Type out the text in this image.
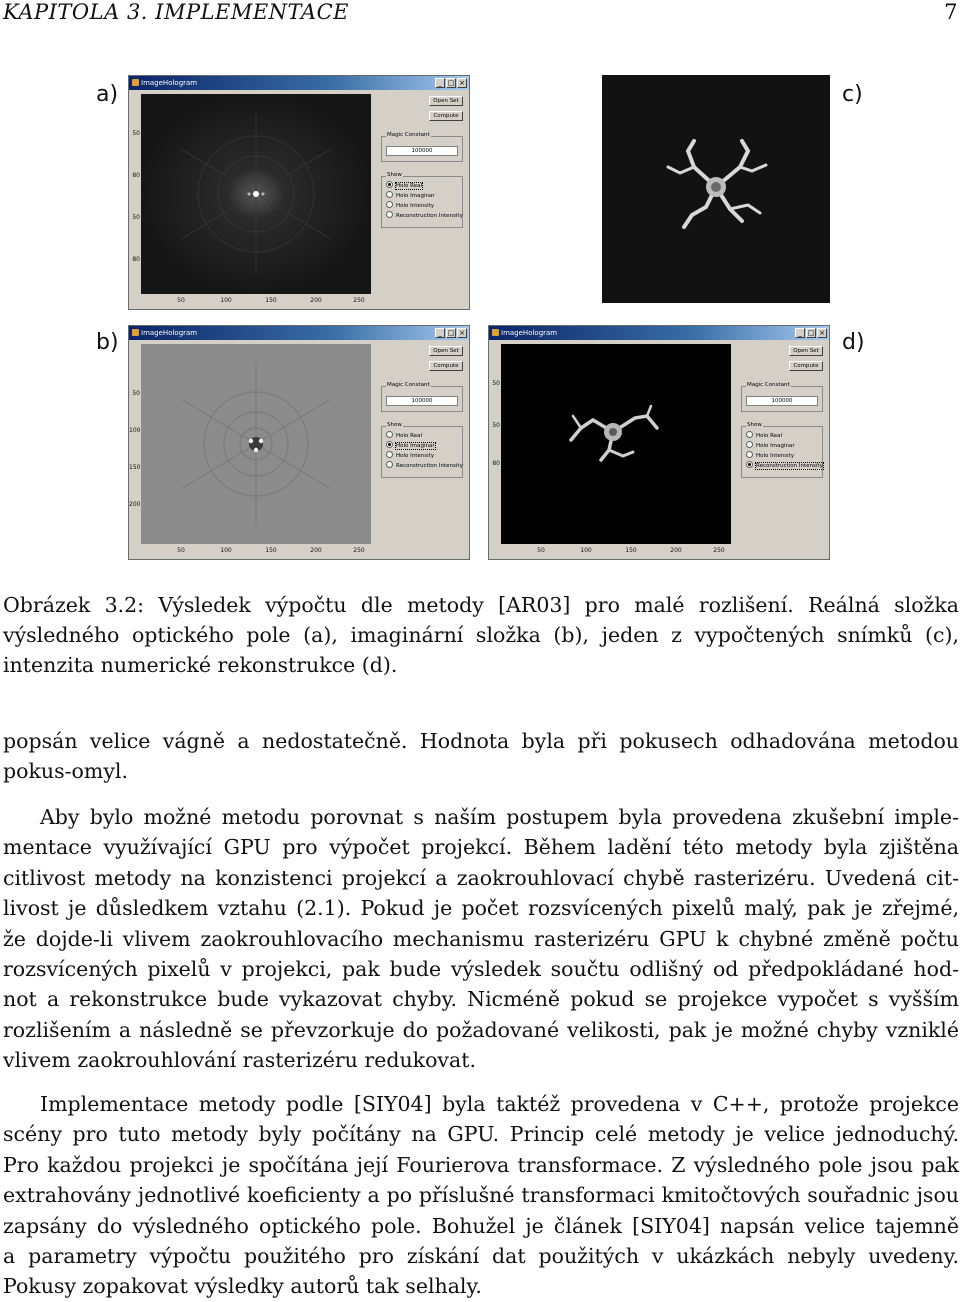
KAPITOLA 3. IMPLEMENTACE	7
a)	c)
b)	d)
ImageHologram	_ □ ×
50
80
50
80
50	100	150	200	250
Open Set
Compute
Magic Constant
100000
Show
Holo Real
Holo Imaginar
Holo Intensity
Reconstruction Intensity
ImageHologram	_ □ ×
50
100
150
200
50	100	150	200	250
Open Set
Compute
Magic Constant
100000
Show
Holo Real
Holo Imaginar
Holo Intensity
Reconstruction Intensity
ImageHologram	_ □ ×
50
50
80
50	100	150	200	250
Open Set
Compute
Magic Constant
100000
Show
Holo Real
Holo Imaginar
Holo Intensity
Reconstruction Intensity
Obrázek 3.2: Výsledek výpočtu dle metody [AR03] pro malé rozlišení. Reálná složka
výsledného optického pole (a), imaginární složka (b), jeden z vypočtených snímků (c),
intenzita numerické rekonstrukce (d).
popsán velice vágně a nedostatečně. Hodnota byla při pokusech odhadována metodou
pokus-omyl.
Aby bylo možné metodu porovnat s naším postupem byla provedena zkušební imple-
mentace využívající GPU pro výpočet projekcí. Během ladění této metody byla zjištěna
citlivost metody na konzistenci projekcí a zaokrouhlovací chybě rasterizéru. Uvedená cit-
livost je důsledkem vztahu (2.1). Pokud je počet rozsvícených pixelů malý, pak je zřejmé,
že dojde-li vlivem zaokrouhlovacího mechanismu rasterizéru GPU k chybné změně počtu
rozsvícených pixelů v projekci, pak bude výsledek součtu odlišný od předpokládané hod-
not a rekonstrukce bude vykazovat chyby. Nicméně pokud se projekce vypočet s vyšším
rozlišením a následně se převzorkuje do požadované velikosti, pak je možné chyby vzniklé
vlivem zaokrouhlování rasterizéru redukovat.
Implementace metody podle [SIY04] byla taktéž provedena v C++, protože projekce
scény pro tuto metody byly počítány na GPU. Princip celé metody je velice jednoduchý.
Pro každou projekci je spočítána její Fourierova transformace. Z výsledného pole jsou pak
extrahovány jednotlivé koeficienty a po příslušné transformaci kmitočtových souřadnic jsou
zapsány do výsledného optického pole. Bohužel je článek [SIY04] napsán velice tajemně
a parametry výpočtu použitého pro získání dat použitých v ukázkách nebyly uvedeny.
Pokusy zopakovat výsledky autorů tak selhaly.
